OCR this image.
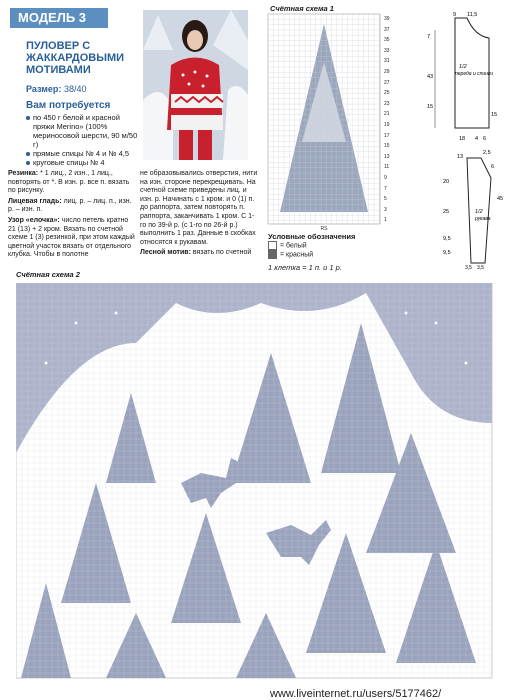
МОДЕЛЬ 3
ПУЛОВЕР С ЖАККАРДОВЫМИ МОТИВАМИ
Размер: 38/40
Вам потребуется
по 450 г белой и красной пряжи Merino» (100% мериносовой шерсти, 90 м/50 г)
прямые спицы № 4 и № 4,5
круговые спицы № 4

Резинка: * 1 лиц., 2 изн., 1 лиц., повторять от *. В изн. р. все п. вязать по рисунку.

Лицевая гладь: лиц. р. – лиц. п., изн. р. – изн. п.

Узор «елочка»: число петель кратно 21 (13) + 2 кром. Вязать по счетной схеме 1 (3) резинкой, при этом каждый цветной участок вязать от отдельного клубка. Чтобы в полотне

не образовывались отверстия, нити на изн. стороне перекрещивать. На счетной схеме приведены лиц. и изн. р. Начинать с 1 кром. и 0 (1) п. до раппорта, затем повторять п. раппорта, заканчивать 1 кром. С 1-го по 39-й р. (с 1-го по 26-й р.) выполнить 1 раз. Данные в скобках относятся к рукавам.

Лесной мотив: вязать по счетной

Счётная схема 1
RS
39
37
35
33
31
29
27
25
23
21
19
17
15
13
11
9
7
5
3
1
Условные обозначения
= белый
= красный
1 клетка = 1 п. и 1 р.
9 11,5
7
43
15
15
18 4 6
1/2
переда и спинки
2,5
13
6
20
45
25
9,5
9,5
3,5 3,5
1/2
рукава
Счётная схема 2
www.liveinternet.ru/users/5177462/
